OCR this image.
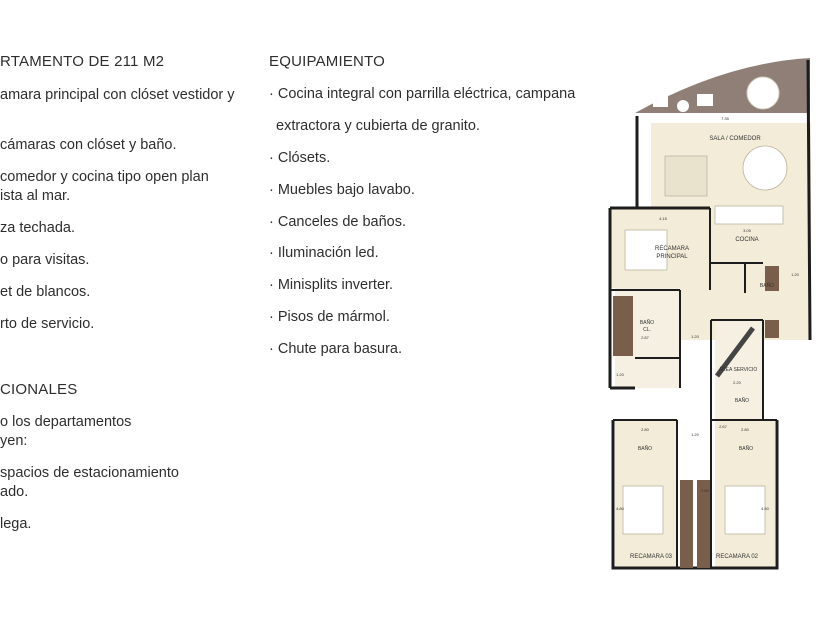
RTAMENTO DE 211 M2
amara principal con clóset vestidor y
cámaras con clóset y baño.
comedor y cocina tipo open plan
ista al mar.
za techada.
o para visitas.
et de blancos.
rto de servicio.
CIONALES
o los departamentos
yen:
spacios de estacionamiento
ado.
lega.
EQUIPAMIENTO
· Cocina integral con parrilla eléctrica, campana
extractora y cubierta de granito.
· Clósets.
· Muebles bajo lavabo.
· Canceles de baños.
· Iluminación led.
· Minisplits inverter.
· Pisos de mármol.
· Chute para basura.
SALA / COMEDOR
COCINA
RECAMARA
PRINCIPAL
BAÑO
BAÑO
CL.
ÁREA SERVICIO
BAÑO
BAÑO	BAÑO
RECAMARA 03	RECAMARA 02
7.35
4.15
3.05
1.20
2.87
2.80	2.80
1.20
2.20
2.67
2.80
1.20
4.80	4.80
1.20
